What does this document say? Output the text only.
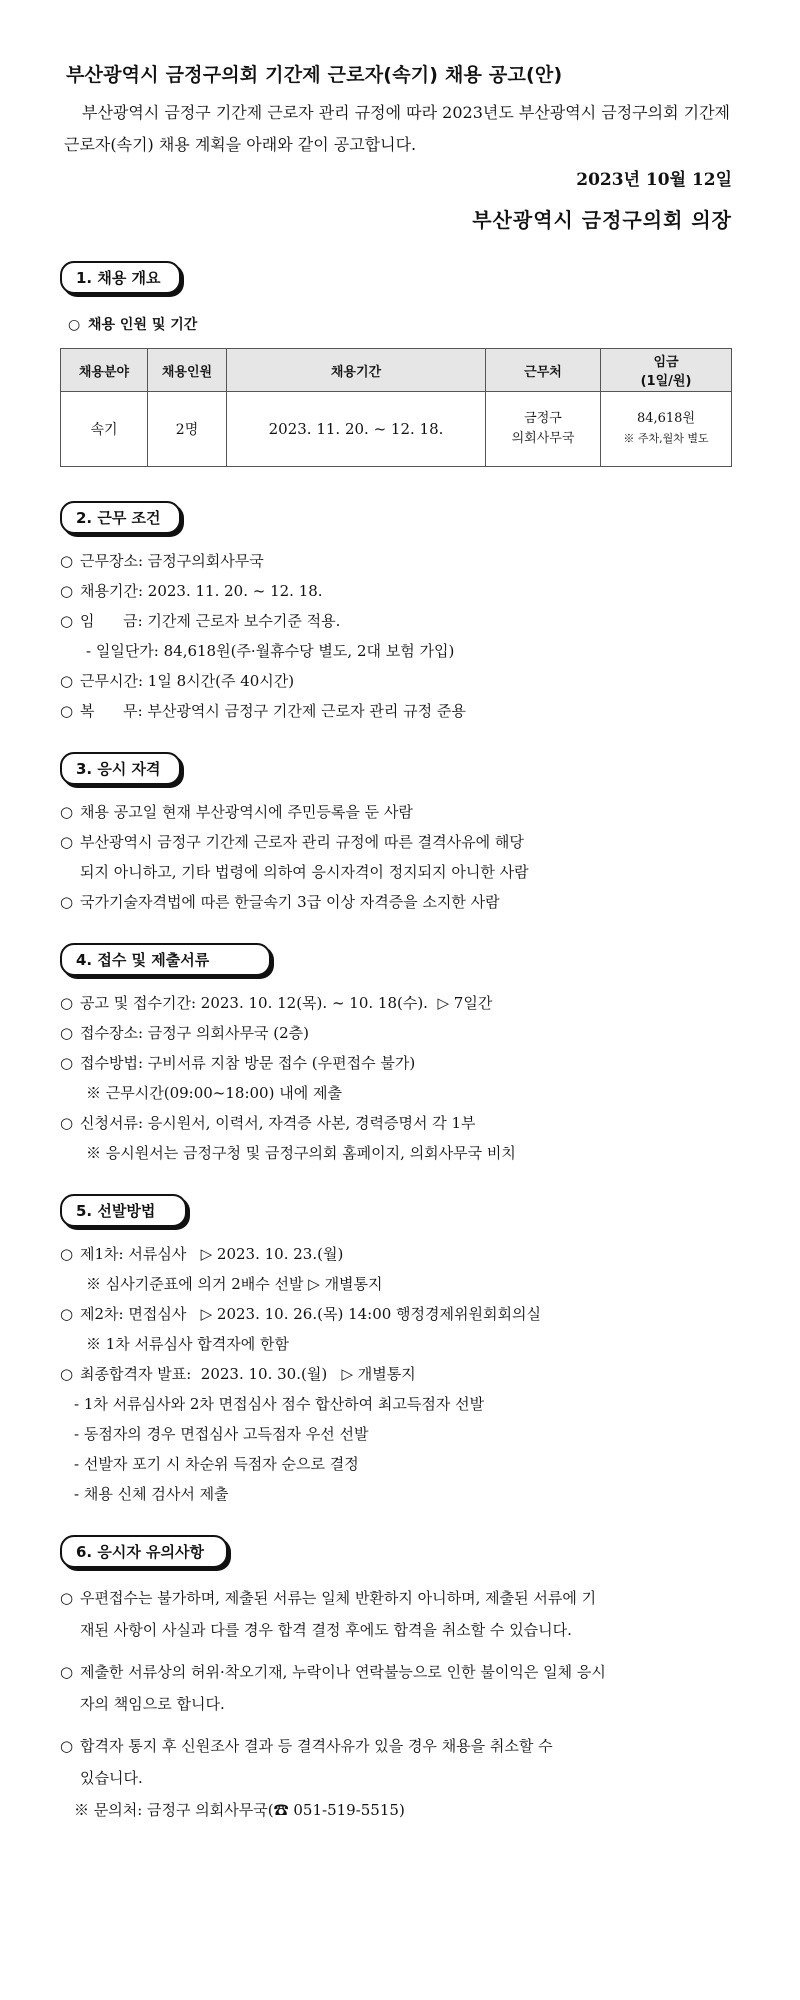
부산광역시 금정구의회 기간제 근로자(속기) 채용 공고(안)
부산광역시 금정구 기간제 근로자 관리 규정에 따라 2023년도 부산광역시 금정구의회 기간제근로자(속기) 채용 계획을 아래와 같이 공고합니다.
2023년 10월 12일
부산광역시 금정구의회 의장
1. 채용 개요
○ 채용 인원 및 기간
채용분야	채용인원	채용기간	근무처	임금
(1일/원)
속기	2명	2023. 11. 20. ~ 12. 18.	금정구
의회사무국	84,618원
※ 주차,월차 별도
2. 근무 조건
○ 근무장소: 금정구의회사무국
○ 채용기간: 2023. 11. 20. ~ 12. 18.
○ 임      금: 기간제 근로자 보수기준 적용.
- 일일단가: 84,618원(주·월휴수당 별도, 2대 보험 가입)
○ 근무시간: 1일 8시간(주 40시간)
○ 복      무: 부산광역시 금정구 기간제 근로자 관리 규정 준용
3. 응시 자격
○ 채용 공고일 현재 부산광역시에 주민등록을 둔 사람
○ 부산광역시 금정구 기간제 근로자 관리 규정에 따른 결격사유에 해당
되지 아니하고, 기타 법령에 의하여 응시자격이 정지되지 아니한 사람
○ 국가기술자격법에 따른 한글속기 3급 이상 자격증을 소지한 사람
4. 접수 및 제출서류
○ 공고 및 접수기간: 2023. 10. 12(목). ~ 10. 18(수).  ▷ 7일간
○ 접수장소: 금정구 의회사무국 (2층)
○ 접수방법: 구비서류 지참 방문 접수 (우편접수 불가)
※ 근무시간(09:00~18:00) 내에 제출
○ 신청서류: 응시원서, 이력서, 자격증 사본, 경력증명서 각 1부
※ 응시원서는 금정구청 및 금정구의회 홈페이지, 의회사무국 비치
5. 선발방법
○ 제1차: 서류심사   ▷ 2023. 10. 23.(월)
※ 심사기준표에 의거 2배수 선발 ▷ 개별통지
○ 제2차: 면접심사   ▷ 2023. 10. 26.(목) 14:00 행정경제위원회회의실
※ 1차 서류심사 합격자에 한함
○ 최종합격자 발표:  2023. 10. 30.(월)   ▷ 개별통지
- 1차 서류심사와 2차 면접심사 점수 합산하여 최고득점자 선발
- 동점자의 경우 면접심사 고득점자 우선 선발
- 선발자 포기 시 차순위 득점자 순으로 결정
- 채용 신체 검사서 제출
6. 응시자 유의사항
○ 우편접수는 불가하며, 제출된 서류는 일체 반환하지 아니하며, 제출된 서류에 기
재된 사항이 사실과 다를 경우 합격 결정 후에도 합격을 취소할 수 있습니다.
○ 제출한 서류상의 허위·착오기재, 누락이나 연락불능으로 인한 불이익은 일체 응시
자의 책임으로 합니다.
○ 합격자 통지 후 신원조사 결과 등 결격사유가 있을 경우 채용을 취소할 수
있습니다.
※ 문의처: 금정구 의회사무국(☎ 051-519-5515)
